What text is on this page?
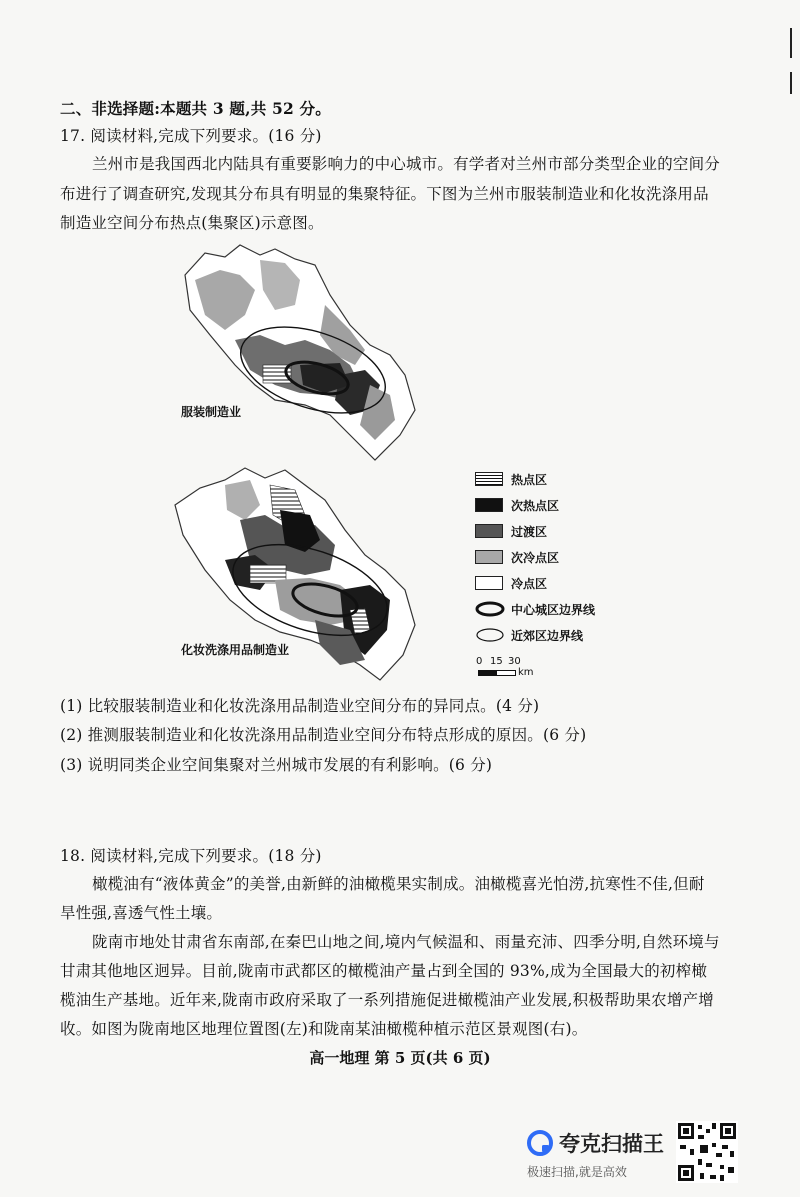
二、非选择题:本题共 3 题,共 52 分。
17. 阅读材料,完成下列要求。(16 分)
兰州市是我国西北内陆具有重要影响力的中心城市。有学者对兰州市部分类型企业的空间分
布进行了调查研究,发现其分布具有明显的集聚特征。下图为兰州市服装制造业和化妆洗涤用品
制造业空间分布热点(集聚区)示意图。
服装制造业
化妆洗涤用品制造业
热点区
次热点区
过渡区
次冷点区
冷点区
中心城区边界线
近郊区边界线
0 15 30
km
(1) 比较服装制造业和化妆洗涤用品制造业空间分布的异同点。(4 分)
(2) 推测服装制造业和化妆洗涤用品制造业空间分布特点形成的原因。(6 分)
(3) 说明同类企业空间集聚对兰州城市发展的有利影响。(6 分)
18. 阅读材料,完成下列要求。(18 分)
橄榄油有“液体黄金”的美誉,由新鲜的油橄榄果实制成。油橄榄喜光怕涝,抗寒性不佳,但耐
旱性强,喜透气性土壤。
陇南市地处甘肃省东南部,在秦巴山地之间,境内气候温和、雨量充沛、四季分明,自然环境与
甘肃其他地区迥异。目前,陇南市武都区的橄榄油产量占到全国的 93%,成为全国最大的初榨橄
榄油生产基地。近年来,陇南市政府采取了一系列措施促进橄榄油产业发展,积极帮助果农增产增
收。如图为陇南地区地理位置图(左)和陇南某油橄榄种植示范区景观图(右)。
高一地理 第 5 页(共 6 页)
夸克扫描王
极速扫描,就是高效
